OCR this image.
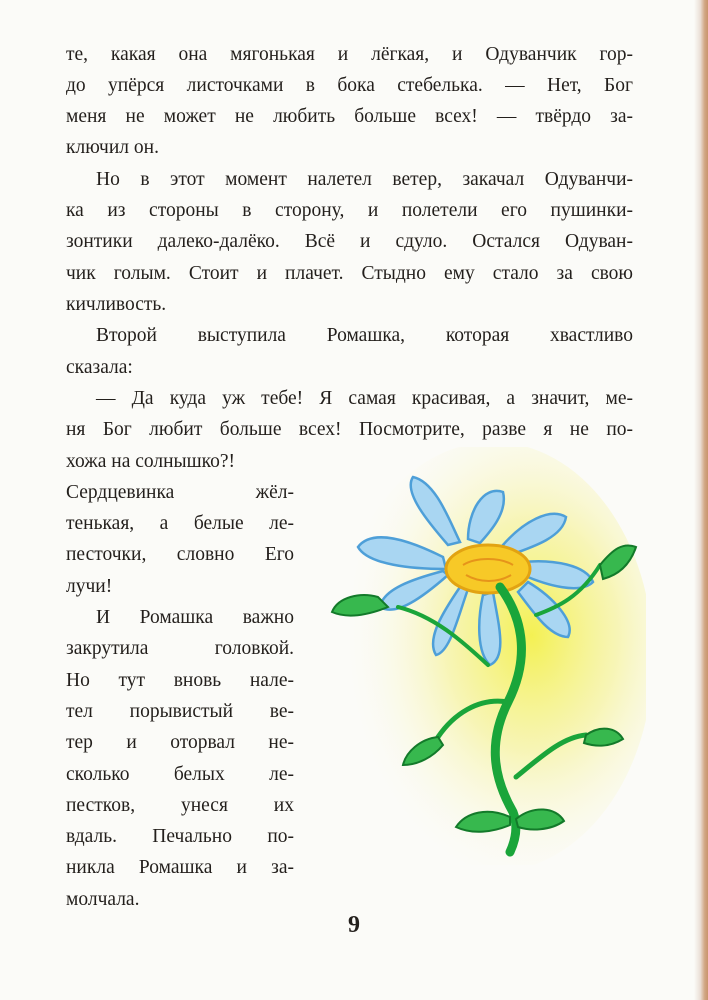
те, какая она мягонькая и лёгкая, и Одуванчик гор-
до упёрся листочками в бока стебелька. — Нет, Бог
меня не может не любить больше всех! — твёрдо за-
ключил он.
Но в этот момент налетел ветер, закачал Одуванчи-
ка из стороны в сторону, и полетели его пушинки-
зонтики далеко-далёко. Всё и сдуло. Остался Одуван-
чик голым. Стоит и плачет. Стыдно ему стало за свою
кичливость.
Второй выступила Ромашка, которая хвастливо
сказала:
— Да куда уж тебе! Я самая красивая, а значит, ме-
ня Бог любит больше всех! Посмотрите, разве я не по-
хожа на солнышко?!
Сердцевинка жёл-
тенькая, а белые ле-
песточки, словно Его
лучи!
И Ромашка важно
закрутила головкой.
Но тут вновь нале-
тел порывистый ве-
тер и оторвал не-
сколько белых ле-
пестков, унеся их
вдаль. Печально по-
никла Ромашка и за-
молчала.
9
